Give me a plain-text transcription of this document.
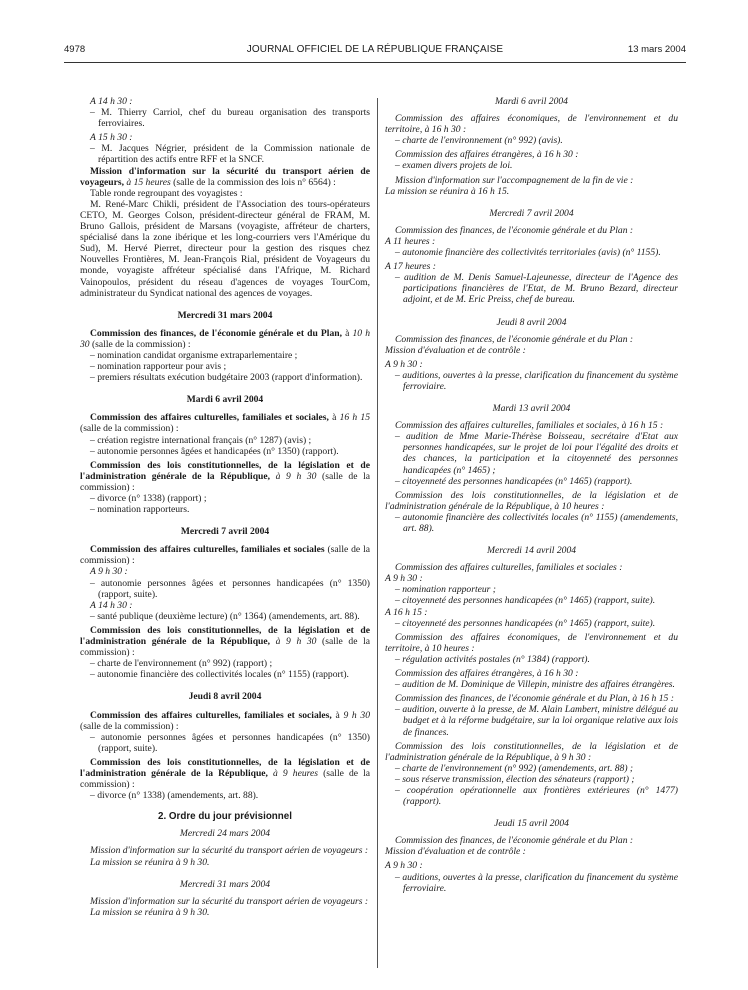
4978	JOURNAL OFFICIEL DE LA RÉPUBLIQUE FRANÇAISE	13 mars 2004

A 14 h 30 :

– M. Thierry Carriol, chef du bureau organisation des transports ferroviaires.

A 15 h 30 :

– M. Jacques Négrier, président de la Commission nationale de répartition des actifs entre RFF et la SNCF.

Mission d'information sur la sécurité du transport aérien de voyageurs, à 15 heures (salle de la commission des lois n° 6564) :

Table ronde regroupant des voyagistes :

M. René-Marc Chikli, président de l'Association des tours-opérateurs CETO, M. Georges Colson, président-directeur général de FRAM, M. Bruno Gallois, président de Marsans (voyagiste, affréteur de charters, spécialisé dans la zone ibérique et les long-courriers vers l'Amérique du Sud), M. Hervé Pierret, directeur pour la gestion des risques chez Nouvelles Frontières, M. Jean-François Rial, président de Voyageurs du monde, voyagiste affréteur spécialisé dans l'Afrique, M. Richard Vainopoulos, président du réseau d'agences de voyages TourCom, administrateur du Syndicat national des agences de voyages.

Mercredi 31 mars 2004

Commission des finances, de l'économie générale et du Plan, à 10 h 30 (salle de la commission) :

– nomination candidat organisme extraparlementaire ;

– nomination rapporteur pour avis ;

– premiers résultats exécution budgétaire 2003 (rapport d'information).

Mardi 6 avril 2004

Commission des affaires culturelles, familiales et sociales, à 16 h 15 (salle de la commission) :

– création registre international français (n° 1287) (avis) ;

– autonomie personnes âgées et handicapées (n° 1350) (rapport).

Commission des lois constitutionnelles, de la législation et de l'administration générale de la République, à 9 h 30 (salle de la commission) :

– divorce (n° 1338) (rapport) ;

– nomination rapporteurs.

Mercredi 7 avril 2004

Commission des affaires culturelles, familiales et sociales (salle de la commission) :

A 9 h 30 :

– autonomie personnes âgées et personnes handicapées (n° 1350) (rapport, suite).

A 14 h 30 :

– santé publique (deuxième lecture) (n° 1364) (amendements, art. 88).

Commission des lois constitutionnelles, de la législation et de l'administration générale de la République, à 9 h 30 (salle de la commission) :

– charte de l'environnement (n° 992) (rapport) ;

– autonomie financière des collectivités locales (n° 1155) (rapport).

Jeudi 8 avril 2004

Commission des affaires culturelles, familiales et sociales, à 9 h 30 (salle de la commission) :

– autonomie personnes âgées et personnes handicapées (n° 1350) (rapport, suite).

Commission des lois constitutionnelles, de la législation et de l'administration générale de la République, à 9 heures (salle de la commission) :

– divorce (n° 1338) (amendements, art. 88).

2. Ordre du jour prévisionnel

Mercredi 24 mars 2004

Mission d'information sur la sécurité du transport aérien de voyageurs :

La mission se réunira à 9 h 30.

Mercredi 31 mars 2004

Mission d'information sur la sécurité du transport aérien de voyageurs :

La mission se réunira à 9 h 30.

Mardi 6 avril 2004

Commission des affaires économiques, de l'environnement et du territoire, à 16 h 30 :

– charte de l'environnement (n° 992) (avis).

Commission des affaires étrangères, à 16 h 30 :

– examen divers projets de loi.

Mission d'information sur l'accompagnement de la fin de vie :

La mission se réunira à 16 h 15.

Mercredi 7 avril 2004

Commission des finances, de l'économie générale et du Plan :

A 11 heures :

– autonomie financière des collectivités territoriales (avis) (n° 1155).

A 17 heures :

– audition de M. Denis Samuel-Lajeunesse, directeur de l'Agence des participations financières de l'Etat, de M. Bruno Bezard, directeur adjoint, et de M. Eric Preiss, chef de bureau.

Jeudi 8 avril 2004

Commission des finances, de l'économie générale et du Plan :

Mission d'évaluation et de contrôle :

A 9 h 30 :

– auditions, ouvertes à la presse, clarification du financement du système ferroviaire.

Mardi 13 avril 2004

Commission des affaires culturelles, familiales et sociales, à 16 h 15 :

– audition de Mme Marie-Thérèse Boisseau, secrétaire d'Etat aux personnes handicapées, sur le projet de loi pour l'égalité des droits et des chances, la participation et la citoyenneté des personnes handicapées (n° 1465) ;

– citoyenneté des personnes handicapées (n° 1465) (rapport).

Commission des lois constitutionnelles, de la législation et de l'administration générale de la République, à 10 heures :

– autonomie financière des collectivités locales (n° 1155) (amendements, art. 88).

Mercredi 14 avril 2004

Commission des affaires culturelles, familiales et sociales :

A 9 h 30 :

– nomination rapporteur ;

– citoyenneté des personnes handicapées (n° 1465) (rapport, suite).

A 16 h 15 :

– citoyenneté des personnes handicapées (n° 1465) (rapport, suite).

Commission des affaires économiques, de l'environnement et du territoire, à 10 heures :

– régulation activités postales (n° 1384) (rapport).

Commission des affaires étrangères, à 16 h 30 :

– audition de M. Dominique de Villepin, ministre des affaires étrangères.

Commission des finances, de l'économie générale et du Plan, à 16 h 15 :

– audition, ouverte à la presse, de M. Alain Lambert, ministre délégué au budget et à la réforme budgétaire, sur la loi organique relative aux lois de finances.

Commission des lois constitutionnelles, de la législation et de l'administration générale de la République, à 9 h 30 :

– charte de l'environnement (n° 992) (amendements, art. 88) ;

– sous réserve transmission, élection des sénateurs (rapport) ;

– coopération opérationnelle aux frontières extérieures (n° 1477) (rapport).

Jeudi 15 avril 2004

Commission des finances, de l'économie générale et du Plan :

Mission d'évaluation et de contrôle :

A 9 h 30 :

– auditions, ouvertes à la presse, clarification du financement du système ferroviaire.
